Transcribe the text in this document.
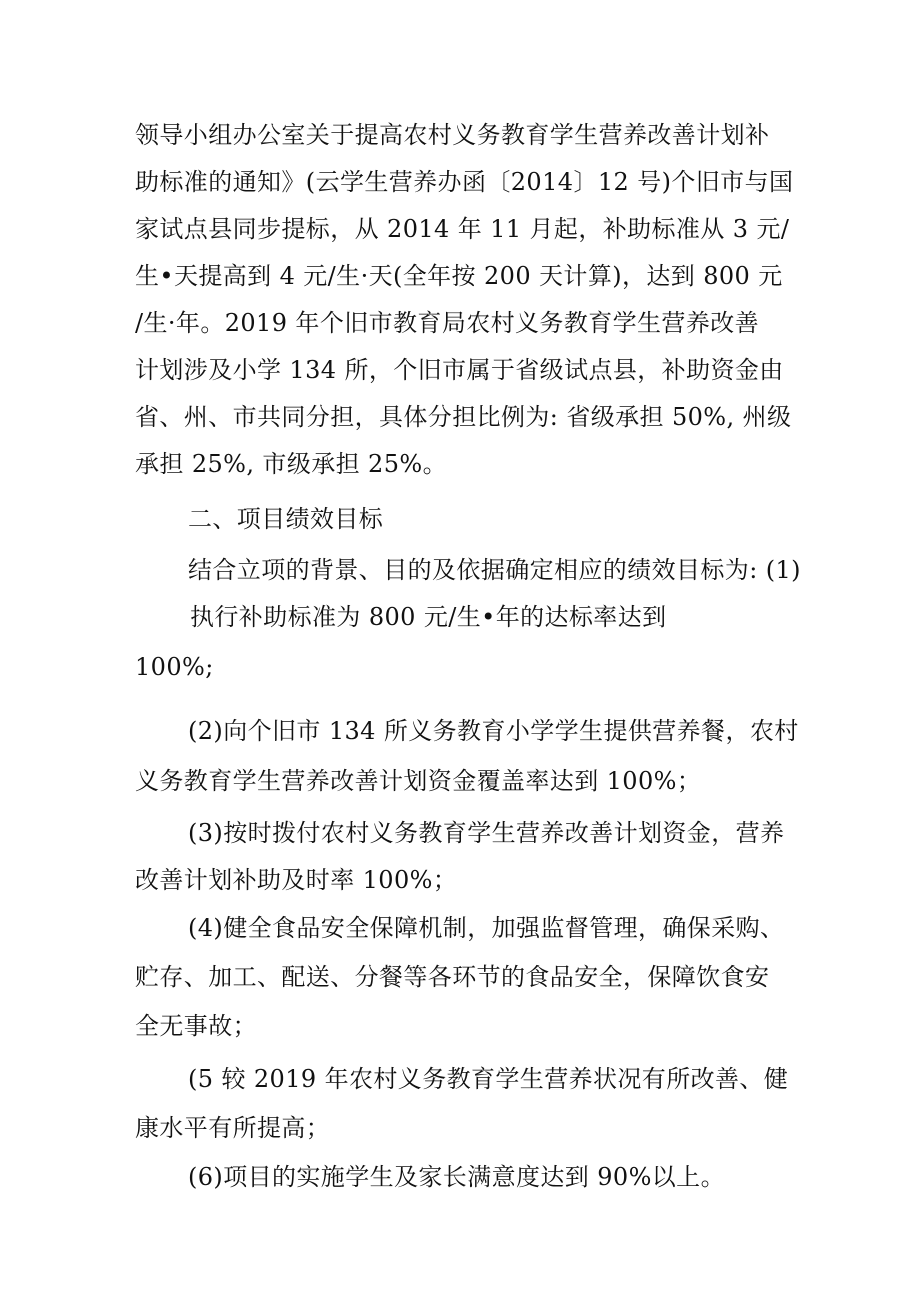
领导小组办公室关于提高农村义务教育学生营养改善计划补
助标准的通知》(云学生营养办函〔2014〕12 号)个旧市与国
家试点县同步提标，从 2014 年 11 月起，补助标准从 3 元/
生•天提高到 4 元/生·天(全年按 200 天计算)，达到 800 元
/生·年。2019 年个旧市教育局农村义务教育学生营养改善
计划涉及小学 134 所，个旧市属于省级试点县，补助资金由
省、州、市共同分担，具体分担比例为: 省级承担 50%, 州级
承担 25%, 市级承担 25%。
二、项目绩效目标
结合立项的背景、目的及依据确定相应的绩效目标为: (1)
执行补助标准为 800 元/生•年的达标率达到
100%;
(2)向个旧市 134 所义务教育小学学生提供营养餐，农村
义务教育学生营养改善计划资金覆盖率达到 100%；
(3)按时拨付农村义务教育学生营养改善计划资金，营养
改善计划补助及时率 100%；
(4)健全食品安全保障机制，加强监督管理，确保采购、
贮存、加工、配送、分餐等各环节的食品安全，保障饮食安
全无事故；
(5 较 2019 年农村义务教育学生营养状况有所改善、健
康水平有所提高；
(6)项目的实施学生及家长满意度达到 90%以上。
